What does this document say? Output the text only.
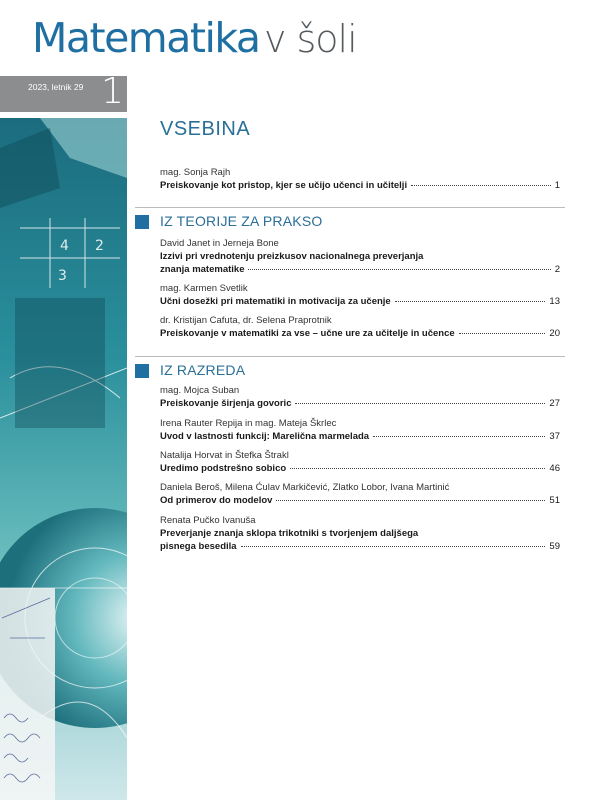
Matematika v šoli
2023, letnik 29 1
4 2
3
VSEBINA
mag. Sonja Rajh
Preiskovanje kot pristop, kjer se učijo učenci in učitelji	1
IZ TEORIJE ZA PRAKSO
David Janet in Jerneja Bone
Izzivi pri vrednotenju preizkusov nacionalnega preverjanja
znanja matematike	2
mag. Karmen Svetlik
Učni dosežki pri matematiki in motivacija za učenje	13
dr. Kristijan Cafuta, dr. Selena Praprotnik
Preiskovanje v matematiki za vse – učne ure za učitelje in učence	20
IZ RAZREDA
mag. Mojca Suban
Preiskovanje širjenja govoric	27
Irena Rauter Repija in mag. Mateja Škrlec
Uvod v lastnosti funkcij: Marelična marmelada	37
Natalija Horvat in Štefka Štrakl
Uredimo podstrešno sobico	46
Daniela Beroš, Milena Ćulav Markičević, Zlatko Lobor, Ivana Martinić
Od primerov do modelov	51
Renata Pučko Ivanuša
Preverjanje znanja sklopa trikotniki s tvorjenjem daljšega
pisnega besedila	59
